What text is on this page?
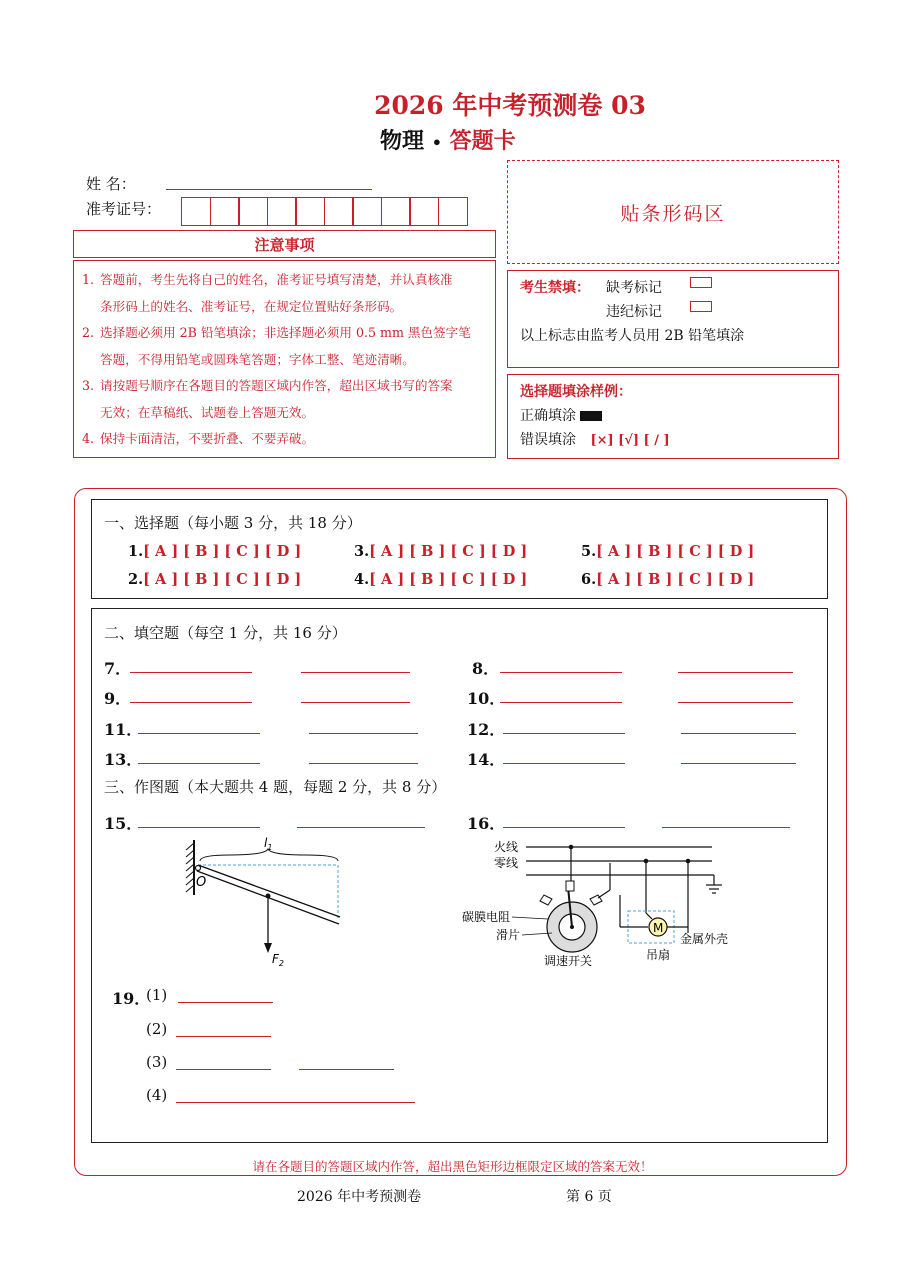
2026 年中考预测卷 03
物理 • 答题卡
姓 名：
准考证号：	贴条形码区
注意事项
1. 答题前，考生先将自己的姓名，准考证号填写清楚，并认真核准
条形码上的姓名、准考证号，在规定位置贴好条形码。
2. 选择题必须用 2B 铅笔填涂；非选择题必须用 0.5 mm 黑色签字笔
答题，不得用铅笔或圆珠笔答题；字体工整、笔迹清晰。
3. 请按题号顺序在各题目的答题区域内作答，超出区域书写的答案
无效；在草稿纸、试题卷上答题无效。
4. 保持卡面清洁，不要折叠、不要弄破。
考生禁填：	缺考标记
违纪标记
以上标志由监考人员用 2B 铅笔填涂
选择题填涂样例：
正确填涂
错误填涂 [×] [√] [ / ]
一、选择题（每小题 3 分，共 18 分）
1.[ A ] [ B ] [ C ] [ D ]
2.[ A ] [ B ] [ C ] [ D ]
3.[ A ] [ B ] [ C ] [ D ]
4.[ A ] [ B ] [ C ] [ D ]
5.[ A ] [ B ] [ C ] [ D ]
6.[ A ] [ B ] [ C ] [ D ]
二、填空题（每空 1 分，共 16 分）
7．	8．
9．	10．
11．	12．
13．	14．
三、作图题（本大题共 4 题，每题 2 分，共 8 分）
15．	16．
$l_1$
O
$F_2$
火线
零线
碳膜电阻
滑片
调速开关
M
吊扇
金属外壳
19．
(1)
(2)
(3)
(4)
请在各题目的答题区域内作答，超出黑色矩形边框限定区域的答案无效！
2026 年中考预测卷	第 6 页
